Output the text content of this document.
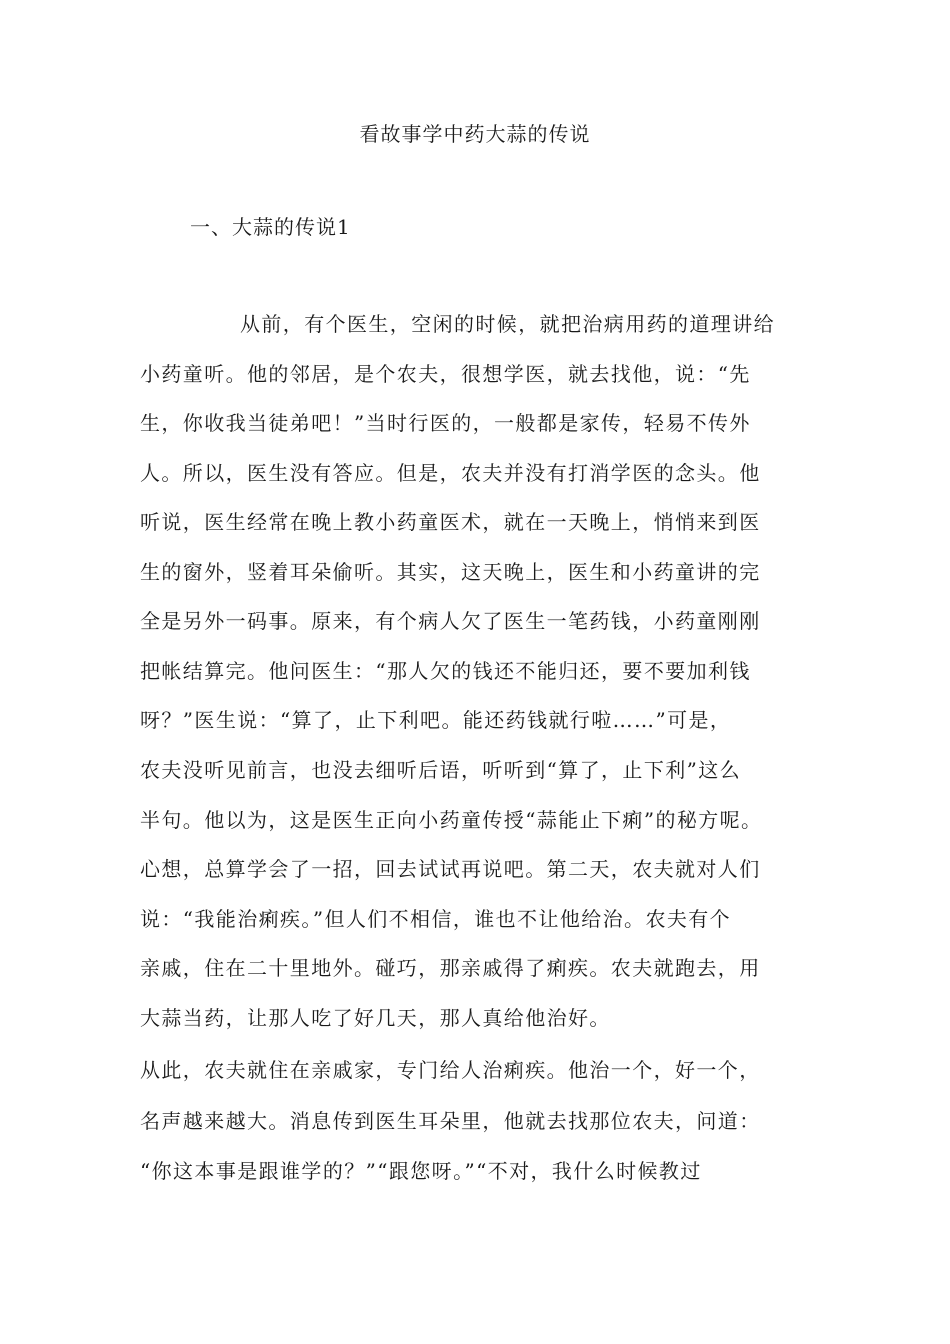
看故事学中药大蒜的传说
一、大蒜的传说1
从前，有个医生，空闲的时候，就把治病用药的道理讲给
小药童听。他的邻居，是个农夫，很想学医，就去找他，说：“先
生，你收我当徒弟吧！”当时行医的，一般都是家传，轻易不传外
人。所以，医生没有答应。但是，农夫并没有打消学医的念头。他
听说，医生经常在晚上教小药童医术，就在一天晚上，悄悄来到医
生的窗外，竖着耳朵偷听。其实，这天晚上，医生和小药童讲的完
全是另外一码事。原来，有个病人欠了医生一笔药钱，小药童刚刚
把帐结算完。他问医生：“那人欠的钱还不能归还，要不要加利钱
呀？”医生说：“算了，止下利吧。能还药钱就行啦……”可是，
农夫没听见前言，也没去细听后语，听听到“算了，止下利”这么
半句。他以为，这是医生正向小药童传授“蒜能止下痢”的秘方呢。
心想，总算学会了一招，回去试试再说吧。第二天，农夫就对人们
说：“我能治痢疾。”但人们不相信，谁也不让他给治。农夫有个
亲戚，住在二十里地外。碰巧，那亲戚得了痢疾。农夫就跑去，用
大蒜当药，让那人吃了好几天，那人真给他治好。
从此，农夫就住在亲戚家，专门给人治痢疾。他治一个，好一个，
名声越来越大。消息传到医生耳朵里，他就去找那位农夫，问道：
“你这本事是跟谁学的？”“跟您呀。”“不对，我什么时候教过
